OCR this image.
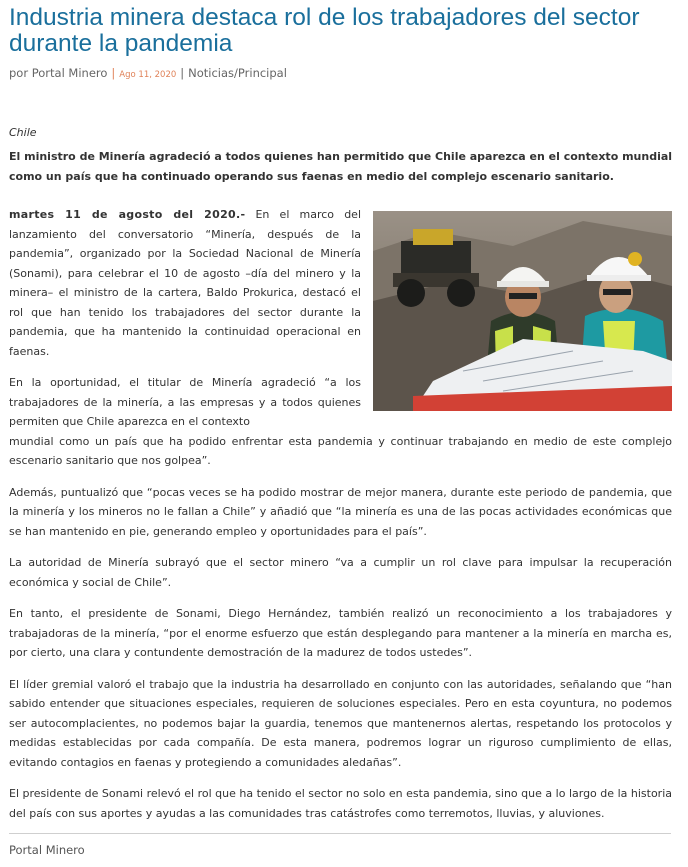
Industria minera destaca rol de los trabajadores del sector durante la pandemia
por Portal Minero | Ago 11, 2020 | Noticias/Principal

Chile

El ministro de Minería agradeció a todos quienes han permitido que Chile aparezca en el contexto mundial como un país que ha continuado operando sus faenas en medio del complejo escenario sanitario.

martes 11 de agosto del 2020.- En el marco del lanzamiento del conversatorio “Minería, después de la pandemia”, organizado por la Sociedad Nacional de Minería (Sonami), para celebrar el 10 de agosto –día del minero y la minera– el ministro de la cartera, Baldo Prokurica, destacó el rol que han tenido los trabajadores del sector durante la pandemia, que ha mantenido la continuidad operacional en faenas.

En la oportunidad, el titular de Minería agradeció “a los trabajadores de la minería, a las empresas y a todos quienes permiten que Chile aparezca en el contexto
mundial como un país que ha podido enfrentar esta pandemia y continuar trabajando en medio de este complejo escenario sanitario que nos golpea”.

Además, puntualizó que “pocas veces se ha podido mostrar de mejor manera, durante este periodo de pandemia, que la minería y los mineros no le fallan a Chile” y añadió que “la minería es una de las pocas actividades económicas que se han mantenido en pie, generando empleo y oportunidades para el país”.

La autoridad de Minería subrayó que el sector minero “va a cumplir un rol clave para impulsar la recuperación económica y social de Chile”.

En tanto, el presidente de Sonami, Diego Hernández, también realizó un reconocimiento a los trabajadores y trabajadoras de la minería, “por el enorme esfuerzo que están desplegando para mantener a la minería en marcha es, por cierto, una clara y contundente demostración de la madurez de todos ustedes”.

El líder gremial valoró el trabajo que la industria ha desarrollado en conjunto con las autoridades, señalando que “han sabido entender que situaciones especiales, requieren de soluciones especiales. Pero en esta coyuntura, no podemos ser autocomplacientes, no podemos bajar la guardia, tenemos que mantenernos alertas, respetando los protocolos y medidas establecidas por cada compañía. De esta manera, podremos lograr un riguroso cumplimiento de ellas, evitando contagios en faenas y protegiendo a comunidades aledañas”.

El presidente de Sonami relevó el rol que ha tenido el sector no solo en esta pandemia, sino que a lo largo de la historia del país con sus aportes y ayudas a las comunidades tras catástrofes como terremotos, lluvias, y aluviones.

Portal Minero
